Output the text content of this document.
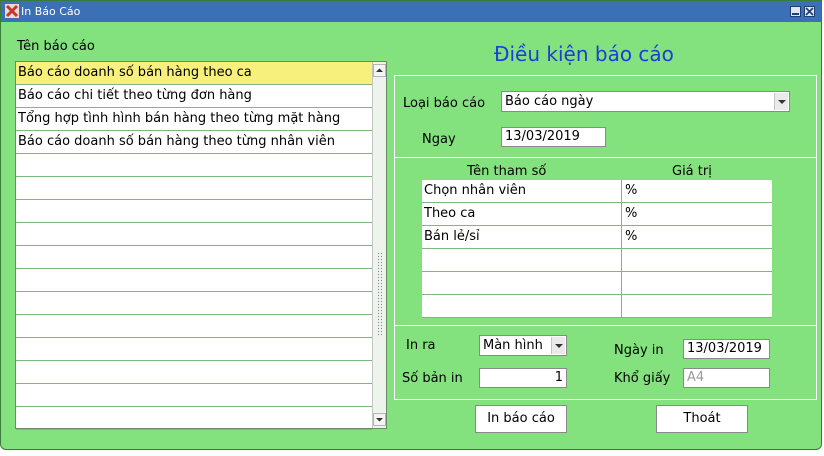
In Báo Cáo
Tên báo cáo
Báo cáo doanh số bán hàng theo ca
Báo cáo chi tiết theo từng đơn hàng
Tổng hợp tình hình bán hàng theo từng mặt hàng
Báo cáo doanh số bán hàng theo từng nhân viên
Điều kiện báo cáo
Loại báo cáo	Báo cáo ngày
Ngay	13/03/2019
Tên tham số	Giá trị
Chọn nhân viên	%
Theo ca	%
Bán lẻ/sỉ	%
In ra	Màn hình	Ngày in	13/03/2019
Số bản in	1	Khổ giấy	A4
In báo cáo	Thoát
